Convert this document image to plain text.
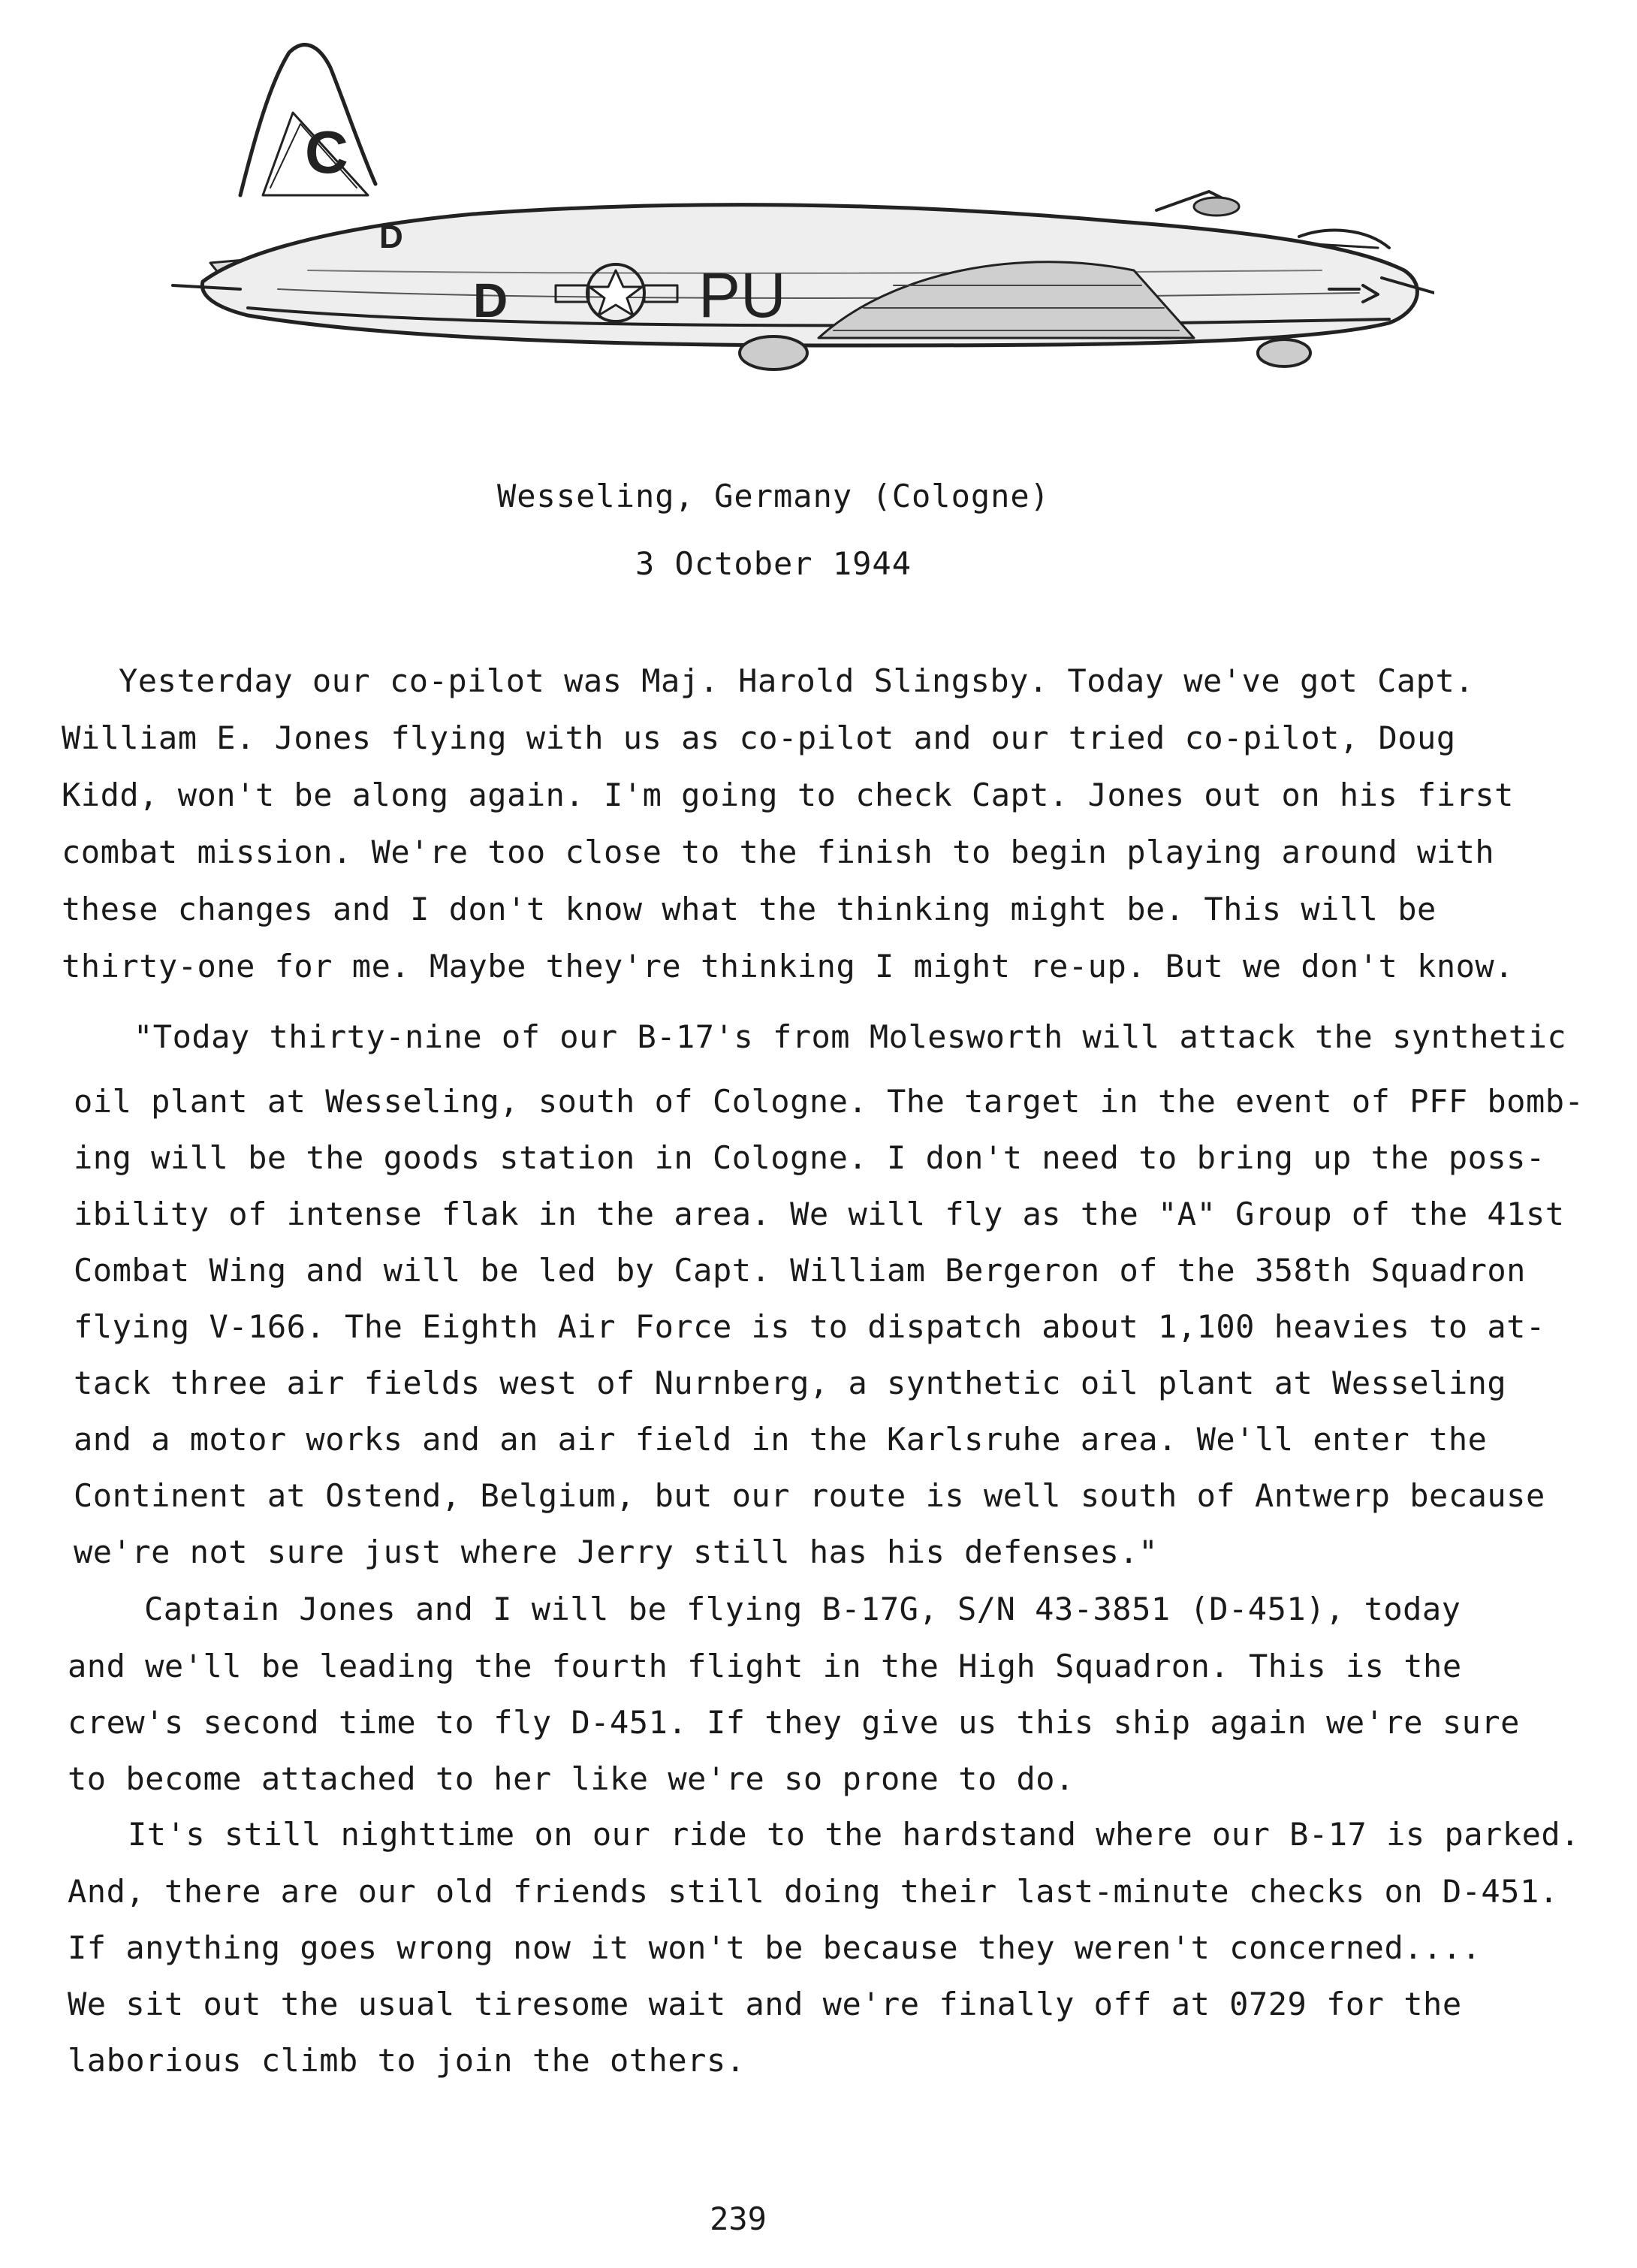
C
D
D	PU
Wesseling, Germany (Cologne)
3 October 1944
Yesterday our co-pilot was Maj. Harold Slingsby. Today we've got Capt.
William E. Jones flying with us as co-pilot and our tried co-pilot, Doug
Kidd, won't be along again. I'm going to check Capt. Jones out on his first
combat mission. We're too close to the finish to begin playing around with
these changes and I don't know what the thinking might be. This will be
thirty-one for me. Maybe they're thinking I might re-up. But we don't know.
"Today thirty-nine of our B-17's from Molesworth will attack the synthetic
oil plant at Wesseling, south of Cologne. The target in the event of PFF bomb-
ing will be the goods station in Cologne. I don't need to bring up the poss-
ibility of intense flak in the area. We will fly as the "A" Group of the 41st
Combat Wing and will be led by Capt. William Bergeron of the 358th Squadron
flying V-166. The Eighth Air Force is to dispatch about 1,100 heavies to at-
tack three air fields west of Nurnberg, a synthetic oil plant at Wesseling
and a motor works and an air field in the Karlsruhe area. We'll enter the
Continent at Ostend, Belgium, but our route is well south of Antwerp because
we're not sure just where Jerry still has his defenses."
Captain Jones and I will be flying B-17G, S/N 43-3851 (D-451), today
and we'll be leading the fourth flight in the High Squadron. This is the
crew's second time to fly D-451. If they give us this ship again we're sure
to become attached to her like we're so prone to do.
It's still nighttime on our ride to the hardstand where our B-17 is parked.
And, there are our old friends still doing their last-minute checks on D-451.
If anything goes wrong now it won't be because they weren't concerned....
We sit out the usual tiresome wait and we're finally off at 0729 for the
laborious climb to join the others.
239
